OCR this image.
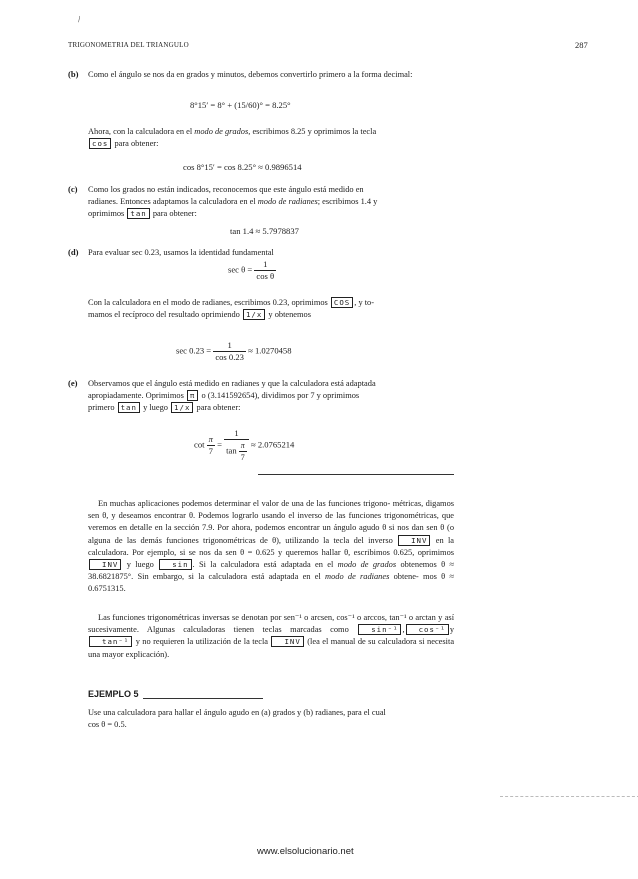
TRIGONOMETRIA DEL TRIANGULO	287
\
(b) Como el ángulo se nos da en grados y minutos, debemos convertirlo primero a la forma decimal:
8°15′ = 8° + (15/60)° = 8.25°
Ahora, con la calculadora en el modo de grados, escribimos 8.25 y oprimimos la tecla
cos para obtener:
cos 8°15′ = cos 8.25° ≈ 0.9896514
(c) Como los grados no están indicados, reconocemos que este ángulo está medido en
radianes. Entonces adaptamos la calculadora en el modo de radianes; escribimos 1.4 y
oprimimos tan para obtener:
tan 1.4 ≈ 5.7978837
(d) Para evaluar sec 0.23, usamos la identidad fundamental
$\sec \theta = \frac{1}{\text{cos θ}}$
Con la calculadora en el modo de radianes, escribimos 0.23, oprimimos COS , y to-
mamos el recíproco del resultado oprimiendo 1/x y obtenemos
$\sec 0.23 = \frac{1}{\cos 0.23} \approx 1.0270458$
(e) Observamos que el ángulo está medido en radianes y que la calculadora está adaptada
apropiadamente. Oprimimos π o (3.141592654), dividimos por 7 y oprimimos
primero tan y luego 1/x para obtener:
$\cot \frac{\pi}{7} = \frac{1}{\tan \frac{\pi}{7}} \approx 2.0765214$
En muchas aplicaciones podemos determinar el valor de una de las funciones trigono- métricas, digamos sen θ, y deseamos encontrar θ. Podemos lograrlo usando el inverso de las funciones trigonométricas, que veremos en detalle en la sección 7.9. Por ahora, podemos encontrar un ángulo agudo θ si nos dan sen θ (o alguna de las demás funciones trigonométricas de θ), utilizando la tecla del inverso INV en la calculadora. Por ejemplo, si se nos da sen θ = 0.625 y queremos hallar θ, escribimos 0.625, oprimimos INV y luego sin . Si la calculadora está adaptada en el modo de grados obtenemos θ ≈ 38.6821875°. Sin embargo, si la calculadora está adaptada en el modo de radianes obtene- mos θ ≈ 0.6751315.
Las funciones trigonométricas inversas se denotan por sen⁻¹ o arcsen, cos⁻¹ o arccos, tan⁻¹ o arctan y así sucesivamente. Algunas calculadoras tienen teclas marcadas como	sin⁻¹ , cos⁻¹ ytan⁻¹ y no requieren la utilización de la tecla INV (lea el manual de su calculadora si necesita una mayor explicación).
EJEMPLO 5
Use una calculadora para hallar el ángulo agudo en (a) grados y (b) radianes, para el cual
cos θ = 0.5.
www.elsolucionario.net
